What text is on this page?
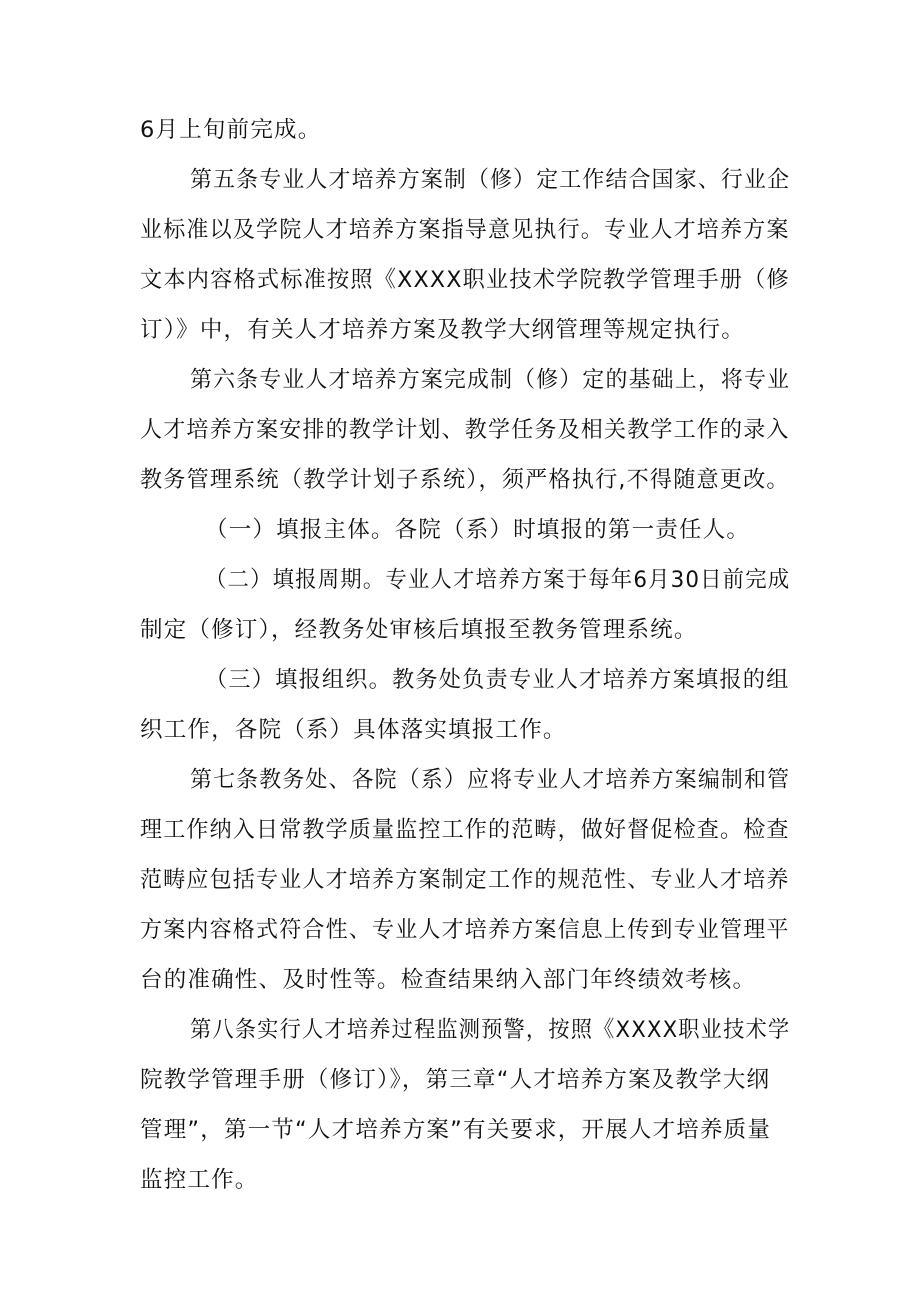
6月上旬前完成。

第五条专业人才培养方案制（修）定工作结合国家、行业企

业标准以及学院人才培养方案指导意见执行。专业人才培养方案

文本内容格式标准按照《XXXX职业技术学院教学管理手册（修

订）》中，有关人才培养方案及教学大纲管理等规定执行。

第六条专业人才培养方案完成制（修）定的基础上，将专业

人才培养方案安排的教学计划、教学任务及相关教学工作的录入

教务管理系统（教学计划子系统），须严格执行,不得随意更改。

（一）填报主体。各院（系）时填报的第一责任人。

（二）填报周期。专业人才培养方案于每年6月30日前完成

制定（修订），经教务处审核后填报至教务管理系统。

（三）填报组织。教务处负责专业人才培养方案填报的组

织工作，各院（系）具体落实填报工作。

第七条教务处、各院（系）应将专业人才培养方案编制和管

理工作纳入日常教学质量监控工作的范畴，做好督促检查。检查

范畴应包括专业人才培养方案制定工作的规范性、专业人才培养

方案内容格式符合性、专业人才培养方案信息上传到专业管理平

台的准确性、及时性等。检查结果纳入部门年终绩效考核。

第八条实行人才培养过程监测预警，按照《XXXX职业技术学

院教学管理手册（修订）》，第三章“人才培养方案及教学大纲

管理”，第一节“人才培养方案”有关要求，开展人才培养质量

监控工作。
